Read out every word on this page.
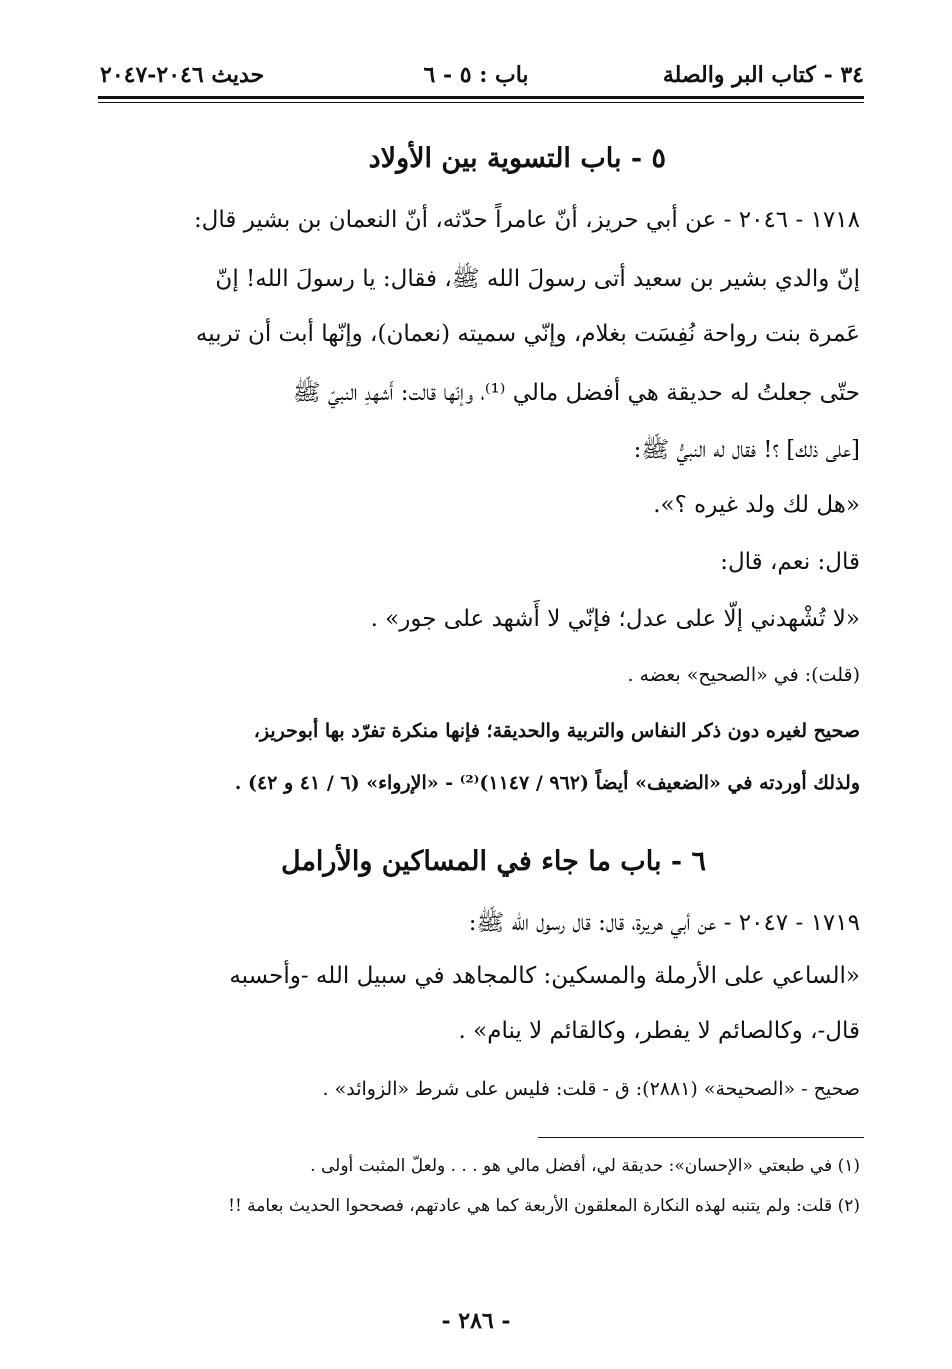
٣٤ - كتاب البر والصلة
باب : ٥ - ٦
حديث ٢٠٤٦-٢٠٤٧
٥ - باب التسوية بين الأولاد
١٧١٨ - ٢٠٤٦ - عن أبي حريز، أنّ عامراً حدّثه، أنّ النعمان بن بشير قال:
إنّ والدي بشير بن سعيد أتى رسولَ الله ﷺ، فقال: يا رسولَ الله! إنّ
عَمرة بنت رواحة نُفِسَت بغلام، وإنّي سميته (نعمان)، وإنّها أبت أن تربيه
حتّى جعلتُ له حديقة هي أفضل مالي ⁽¹⁾، وإنّها قالت: أَشهدِ النبيّ ﷺ
[على ذلك] ؟! فقال له النبيُّ ﷺ:
«هل لك ولد غيره ؟».
قال: نعم، قال:
«لا تُشْهدني إلّا على عدل؛ فإنّي لا أَشهد على جور» .
(قلت): في «الصحيح» بعضه .
صحيح لغيره دون ذكر النفاس والتربية والحديقة؛ فإنها منكرة تفرّد بها أبوحريز،
ولذلك أوردته في «الضعيف» أيضاً (٩٦٢ / ١١٤٧)⁽²⁾ - «الإرواء» (٦ / ٤١ و ٤٢) .
٦ - باب ما جاء في المساكين والأرامل
١٧١٩ - ٢٠٤٧ - عن أبي هريرة، قال: قال رسول الله ﷺ:
«الساعي على الأرملة والمسكين: كالمجاهد في سبيل الله -وأحسبه
قال-، وكالصائم لا يفطر، وكالقائم لا ينام» .
صحيح - «الصحيحة» (٢٨٨١): ق - قلت: فليس على شرط «الزوائد» .
(١) في طبعتي «الإحسان»: حديقة لي، أفضل مالي هو . . . ولعلّ المثبت أولى .
(٢) قلت: ولم يتنبه لهذه النكارة المعلقون الأربعة كما هي عادتهم، فصححوا الحديث بعامة !!
- ٢٨٦ -
